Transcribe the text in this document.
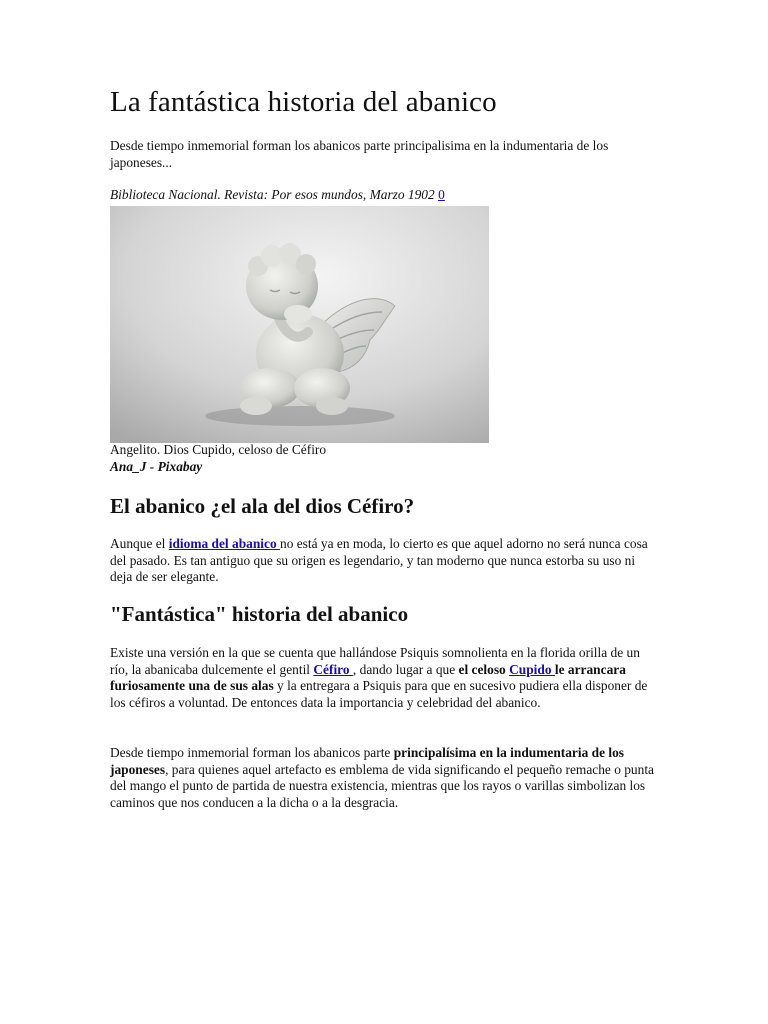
La fantástica historia del abanico

Desde tiempo inmemorial forman los abanicos parte principalisima en la indumentaria de los japoneses...

Biblioteca Nacional. Revista: Por esos mundos, Marzo 1902 0

Angelito. Dios Cupido, celoso de Céfiro

Ana_J - Pixabay

El abanico ¿el ala del dios Céfiro?

Aunque el idioma del abanico no está ya en moda, lo cierto es que aquel adorno no será nunca cosa del pasado. Es tan antiguo que su origen es legendario, y tan moderno que nunca estorba su uso ni deja de ser elegante.

"Fantástica" historia del abanico

Existe una versión en la que se cuenta que hallándose Psiquis somnolienta en la florida orilla de un río, la abanicaba dulcemente el gentil Céfiro , dando lugar a que el celoso Cupido le arrancara furiosamente una de sus alas y la entregara a Psiquis para que en sucesivo pudiera ella disponer de los céfiros a voluntad. De entonces data la importancia y celebridad del abanico.

Desde tiempo inmemorial forman los abanicos parte principalísima en la indumentaria de los japoneses, para quienes aquel artefacto es emblema de vida significando el pequeño remache o punta del mango el punto de partida de nuestra existencia, mientras que los rayos o varillas simbolizan los caminos que nos conducen a la dicha o a la desgracia.
